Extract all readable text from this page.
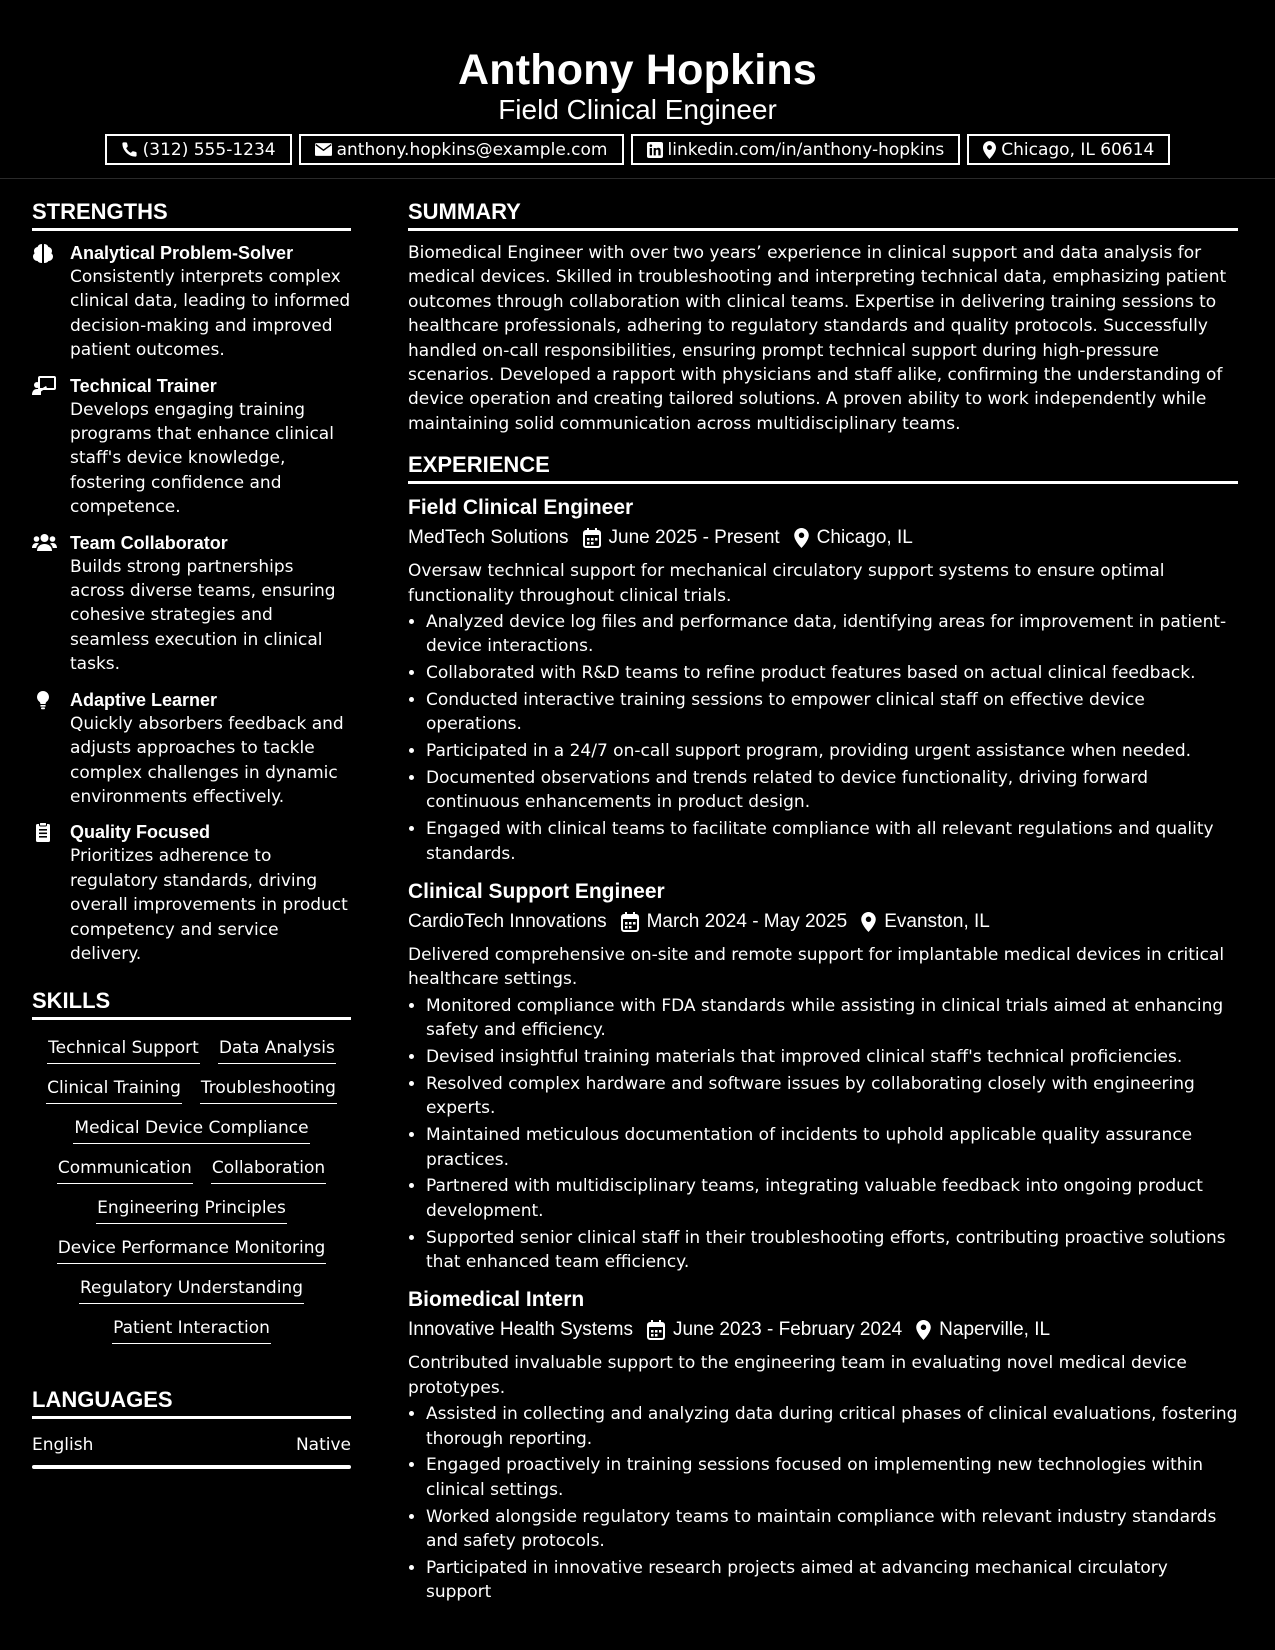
Anthony Hopkins
Field Clinical Engineer
(312) 555-1234	anthony.hopkins@example.com	linkedin.com/in/anthony-hopkins	Chicago, IL 60614
STRENGTHS
Analytical Problem-Solver
Consistently interprets complex clinical data, leading to informed decision-making and improved patient outcomes.
Technical Trainer
Develops engaging training programs that enhance clinical staff's device knowledge, fostering confidence and competence.
Team Collaborator
Builds strong partnerships across diverse teams, ensuring cohesive strategies and seamless execution in clinical tasks.
Adaptive Learner
Quickly absorbers feedback and adjusts approaches to tackle complex challenges in dynamic environments effectively.
Quality Focused
Prioritizes adherence to regulatory standards, driving overall improvements in product competency and service delivery.
SKILLS
Technical Support Data Analysis
Clinical Training Troubleshooting
Medical Device Compliance
Communication Collaboration
Engineering Principles
Device Performance Monitoring
Regulatory Understanding
Patient Interaction
LANGUAGES
English	Native
SUMMARY
Biomedical Engineer with over two years’ experience in clinical support and data analysis for medical devices. Skilled in troubleshooting and interpreting technical data, emphasizing patient outcomes through collaboration with clinical teams. Expertise in delivering training sessions to healthcare professionals, adhering to regulatory standards and quality protocols. Successfully handled on-call responsibilities, ensuring prompt technical support during high-pressure scenarios. Developed a rapport with physicians and staff alike, confirming the understanding of device operation and creating tailored solutions. A proven ability to work independently while maintaining solid communication across multidisciplinary teams.
EXPERIENCE
Field Clinical Engineer
MedTech Solutions June 2025 - Present Chicago, IL
Oversaw technical support for mechanical circulatory support systems to ensure optimal functionality throughout clinical trials.
• Analyzed device log files and performance data, identifying areas for improvement in patient-device interactions.
• Collaborated with R&D teams to refine product features based on actual clinical feedback.
• Conducted interactive training sessions to empower clinical staff on effective device operations.
• Participated in a 24/7 on-call support program, providing urgent assistance when needed.
• Documented observations and trends related to device functionality, driving forward continuous enhancements in product design.
• Engaged with clinical teams to facilitate compliance with all relevant regulations and quality standards.
Clinical Support Engineer
CardioTech Innovations March 2024 - May 2025 Evanston, IL
Delivered comprehensive on-site and remote support for implantable medical devices in critical healthcare settings.
• Monitored compliance with FDA standards while assisting in clinical trials aimed at enhancing safety and efficiency.
• Devised insightful training materials that improved clinical staff's technical proficiencies.
• Resolved complex hardware and software issues by collaborating closely with engineering experts.
• Maintained meticulous documentation of incidents to uphold applicable quality assurance practices.
• Partnered with multidisciplinary teams, integrating valuable feedback into ongoing product development.
• Supported senior clinical staff in their troubleshooting efforts, contributing proactive solutions that enhanced team efficiency.
Biomedical Intern
Innovative Health Systems June 2023 - February 2024 Naperville, IL
Contributed invaluable support to the engineering team in evaluating novel medical device prototypes.
• Assisted in collecting and analyzing data during critical phases of clinical evaluations, fostering thorough reporting.
• Engaged proactively in training sessions focused on implementing new technologies within clinical settings.
• Worked alongside regulatory teams to maintain compliance with relevant industry standards and safety protocols.
• Participated in innovative research projects aimed at advancing mechanical circulatory support
